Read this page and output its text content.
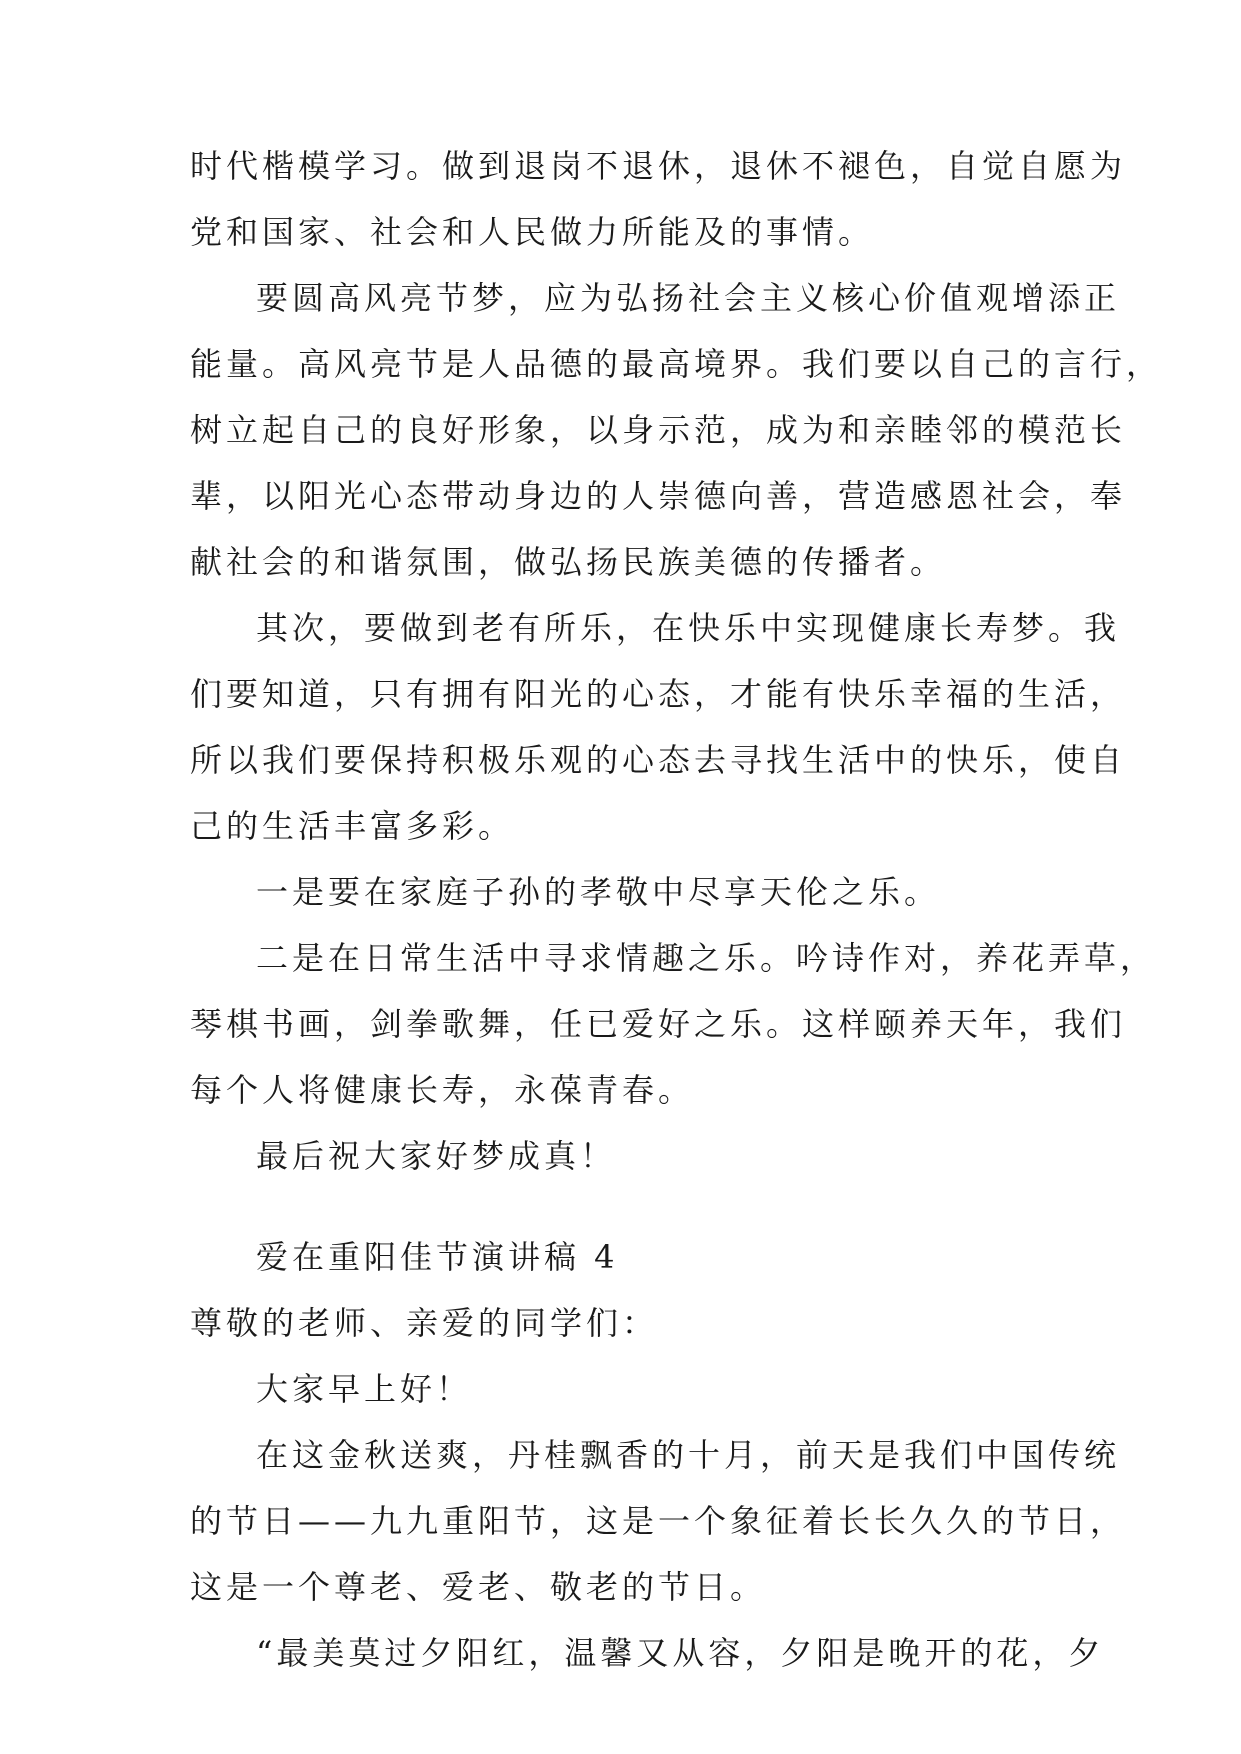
时代楷模学习。做到退岗不退休，退休不褪色，自觉自愿为
党和国家、社会和人民做力所能及的事情。
要圆高风亮节梦，应为弘扬社会主义核心价值观增添正
能量。高风亮节是人品德的最高境界。我们要以自己的言行，
树立起自己的良好形象，以身示范，成为和亲睦邻的模范长
辈，以阳光心态带动身边的人崇德向善，营造感恩社会，奉
献社会的和谐氛围，做弘扬民族美德的传播者。
其次，要做到老有所乐，在快乐中实现健康长寿梦。我
们要知道，只有拥有阳光的心态，才能有快乐幸福的生活，
所以我们要保持积极乐观的心态去寻找生活中的快乐，使自
己的生活丰富多彩。
一是要在家庭子孙的孝敬中尽享天伦之乐。
二是在日常生活中寻求情趣之乐。吟诗作对，养花弄草，
琴棋书画，剑拳歌舞，任已爱好之乐。这样颐养天年，我们
每个人将健康长寿，永葆青春。
最后祝大家好梦成真！
爱在重阳佳节演讲稿 4
尊敬的老师、亲爱的同学们：
大家早上好！
在这金秋送爽，丹桂飘香的十月，前天是我们中国传统
的节日——九九重阳节，这是一个象征着长长久久的节日，
这是一个尊老、爱老、敬老的节日。
“最美莫过夕阳红，温馨又从容，夕阳是晚开的花，夕
